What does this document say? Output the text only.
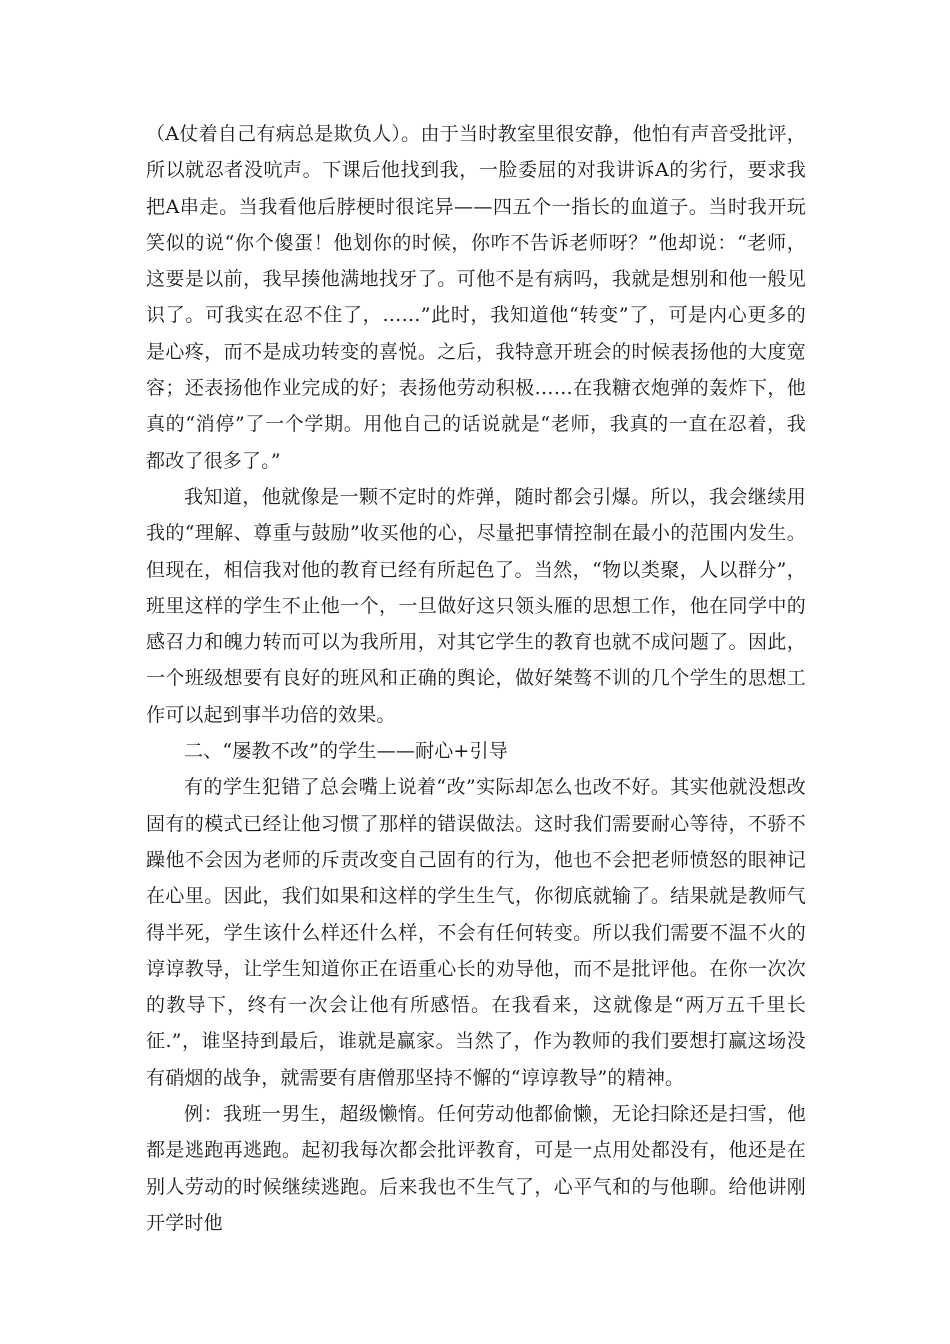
（A仗着自己有病总是欺负人）。由于当时教室里很安静，他怕有声音受批评，所以就忍者没吭声。下课后他找到我，一脸委屈的对我讲诉A的劣行，要求我把A串走。当我看他后脖梗时很诧异——四五个一指长的血道子。当时我开玩笑似的说“你个傻蛋！他划你的时候，你咋不告诉老师呀？”他却说：“老师，这要是以前，我早揍他满地找牙了。可他不是有病吗，我就是想别和他一般见识了。可我实在忍不住了，……”此时，我知道他“转变”了，可是内心更多的是心疼，而不是成功转变的喜悦。之后，我特意开班会的时候表扬他的大度宽容；还表扬他作业完成的好；表扬他劳动积极……在我糖衣炮弹的轰炸下，他真的“消停”了一个学期。用他自己的话说就是“老师，我真的一直在忍着，我都改了很多了。”

我知道，他就像是一颗不定时的炸弹，随时都会引爆。所以，我会继续用我的“理解、尊重与鼓励”收买他的心，尽量把事情控制在最小的范围内发生。但现在，相信我对他的教育已经有所起色了。当然，“物以类聚，人以群分”，班里这样的学生不止他一个，一旦做好这只领头雁的思想工作，他在同学中的感召力和魄力转而可以为我所用，对其它学生的教育也就不成问题了。因此，一个班级想要有良好的班风和正确的舆论，做好桀骜不训的几个学生的思想工作可以起到事半功倍的效果。

二、“屡教不改”的学生——耐心+引导

有的学生犯错了总会嘴上说着“改”实际却怎么也改不好。其实他就没想改固有的模式已经让他习惯了那样的错误做法。这时我们需要耐心等待，不骄不躁他不会因为老师的斥责改变自己固有的行为，他也不会把老师愤怒的眼神记在心里。因此，我们如果和这样的学生生气，你彻底就输了。结果就是教师气得半死，学生该什么样还什么样，不会有任何转变。所以我们需要不温不火的谆谆教导，让学生知道你正在语重心长的劝导他，而不是批评他。在你一次次的教导下，终有一次会让他有所感悟。在我看来，这就像是“两万五千里长征.”，谁坚持到最后，谁就是赢家。当然了，作为教师的我们要想打赢这场没有硝烟的战争，就需要有唐僧那坚持不懈的“谆谆教导”的精神。

例：我班一男生，超级懒惰。任何劳动他都偷懒，无论扫除还是扫雪，他都是逃跑再逃跑。起初我每次都会批评教育，可是一点用处都没有，他还是在别人劳动的时候继续逃跑。后来我也不生气了，心平气和的与他聊。给他讲刚开学时他
